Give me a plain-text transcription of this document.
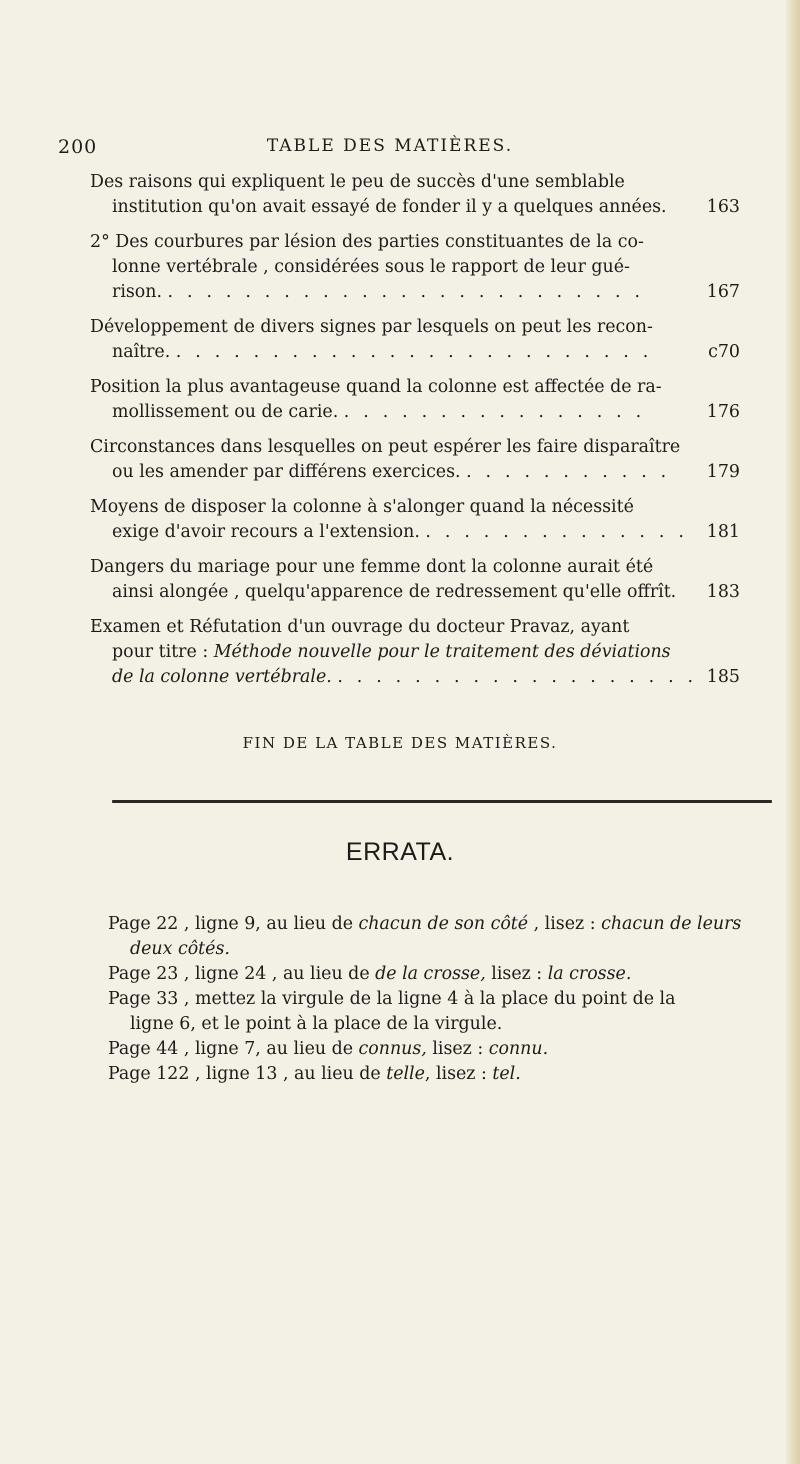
200	TABLE DES MATIÈRES.
Des raisons qui expliquent le peu de succès d'une semblable
institution qu'on avait essayé de fonder il y a quelques années.	163
2° Des courbures par lésion des parties constituantes de la co-
lonne vertébrale , considérées sous le rapport de leur gué-
rison. . . . . . . . . . . . . . . . . . . . . . . . . .	167
Développement de divers signes par lesquels on peut les recon-
naître. . . . . . . . . . . . . . . . . . . . . . . . . .	c70
Position la plus avantageuse quand la colonne est affectée de ra-
mollissement ou de carie. . . . . . . . . . . . . . . . .	176
Circonstances dans lesquelles on peut espérer les faire disparaître
ou les amender par différens exercices. . . . . . . . . . . .	179
Moyens de disposer la colonne à s'alonger quand la nécessité
exige d'avoir recours a l'extension. . . . . . . . . . . . . . .	181
Dangers du mariage pour une femme dont la colonne aurait été
ainsi alongée , quelqu'apparence de redressement qu'elle offrît.	183
Examen et Réfutation d'un ouvrage du docteur Pravaz, ayant
pour titre : Méthode nouvelle pour le traitement des déviations
de la colonne vertébrale. . . . . . . . . . . . . . . . . . . . 185
FIN DE LA TABLE DES MATIÈRES.
ERRATA.
Page 22 , ligne 9, au lieu de chacun de son côté , lisez : chacun de leurs
deux côtés.
Page 23 , ligne 24 , au lieu de de la crosse, lisez : la crosse.
Page 33 , mettez la virgule de la ligne 4 à la place du point de la
ligne 6, et le point à la place de la virgule.
Page 44 , ligne 7, au lieu de connus, lisez : connu.
Page 122 , ligne 13 , au lieu de telle, lisez : tel.
